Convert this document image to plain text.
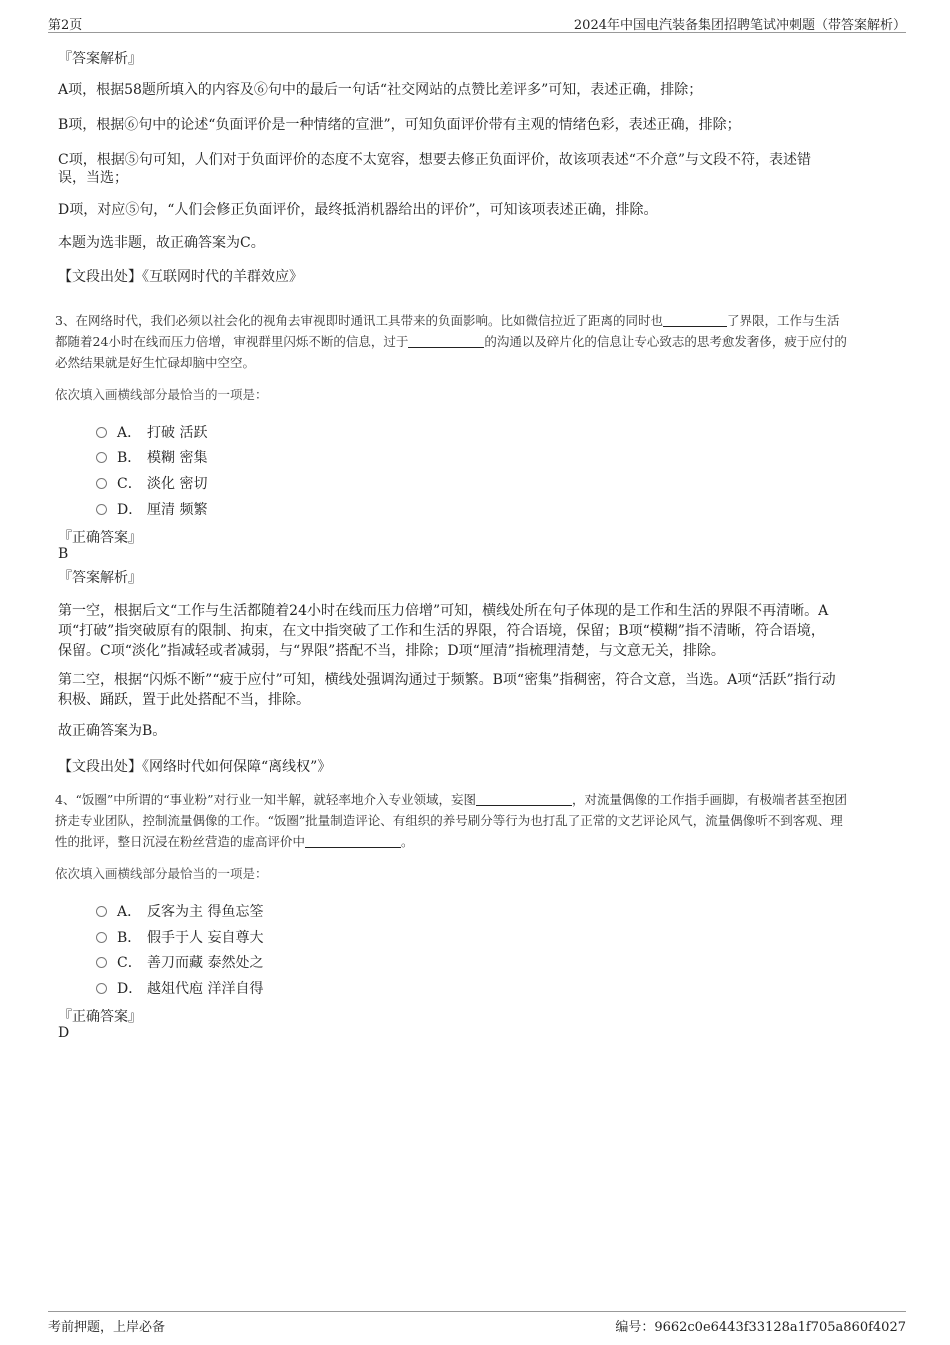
第2页	2024年中国电汽装备集团招聘笔试冲刺题（带答案解析）
『答案解析』
A项，根据58题所填入的内容及⑥句中的最后一句话“社交网站的点赞比差评多”可知，表述正确，排除；
B项，根据⑥句中的论述“负面评价是一种情绪的宣泄”，可知负面评价带有主观的情绪色彩，表述正确，排除；
C项，根据⑤句可知，人们对于负面评价的态度不太宽容，想要去修正负面评价，故该项表述“不介意”与文段不符，表述错
误，当选；
D项，对应⑤句，“人们会修正负面评价，最终抵消机器给出的评价”，可知该项表述正确，排除。
本题为选非题，故正确答案为C。
【文段出处】《互联网时代的羊群效应》
3、在网络时代，我们必须以社会化的视角去审视即时通讯工具带来的负面影响。比如微信拉近了距离的同时也	了界限，工作与生活
都随着24小时在线而压力倍增，审视群里闪烁不断的信息，过于	的沟通以及碎片化的信息让专心致志的思考愈发奢侈，疲于应付的
必然结果就是好生忙碌却脑中空空。
依次填入画横线部分最恰当的一项是：
A． 打破 活跃
B． 模糊 密集
C． 淡化 密切
D． 厘清 频繁
『正确答案』
B
『答案解析』
第一空，根据后文“工作与生活都随着24小时在线而压力倍增”可知，横线处所在句子体现的是工作和生活的界限不再清晰。A
项“打破”指突破原有的限制、拘束，在文中指突破了工作和生活的界限，符合语境，保留；B项“模糊”指不清晰，符合语境，
保留。C项“淡化”指减轻或者减弱，与“界限”搭配不当，排除；D项“厘清”指梳理清楚，与文意无关，排除。
第二空，根据“闪烁不断”“疲于应付”可知，横线处强调沟通过于频繁。B项“密集”指稠密，符合文意，当选。A项“活跃”指行动
积极、踊跃，置于此处搭配不当，排除。
故正确答案为B。
【文段出处】《网络时代如何保障“离线权”》
4、“饭圈”中所谓的“事业粉”对行业一知半解，就轻率地介入专业领域，妄图	，对流量偶像的工作指手画脚，有极端者甚至抱团
挤走专业团队，控制流量偶像的工作。“饭圈”批量制造评论、有组织的养号刷分等行为也打乱了正常的文艺评论风气，流量偶像听不到客观、理
性的批评，整日沉浸在粉丝营造的虚高评价中	。
依次填入画横线部分最恰当的一项是：
A． 反客为主 得鱼忘筌
B． 假手于人 妄自尊大
C． 善刀而藏 泰然处之
D． 越俎代庖 洋洋自得
『正确答案』
D
考前押题，上岸必备	编号：9662c0e6443f33128a1f705a860f4027
